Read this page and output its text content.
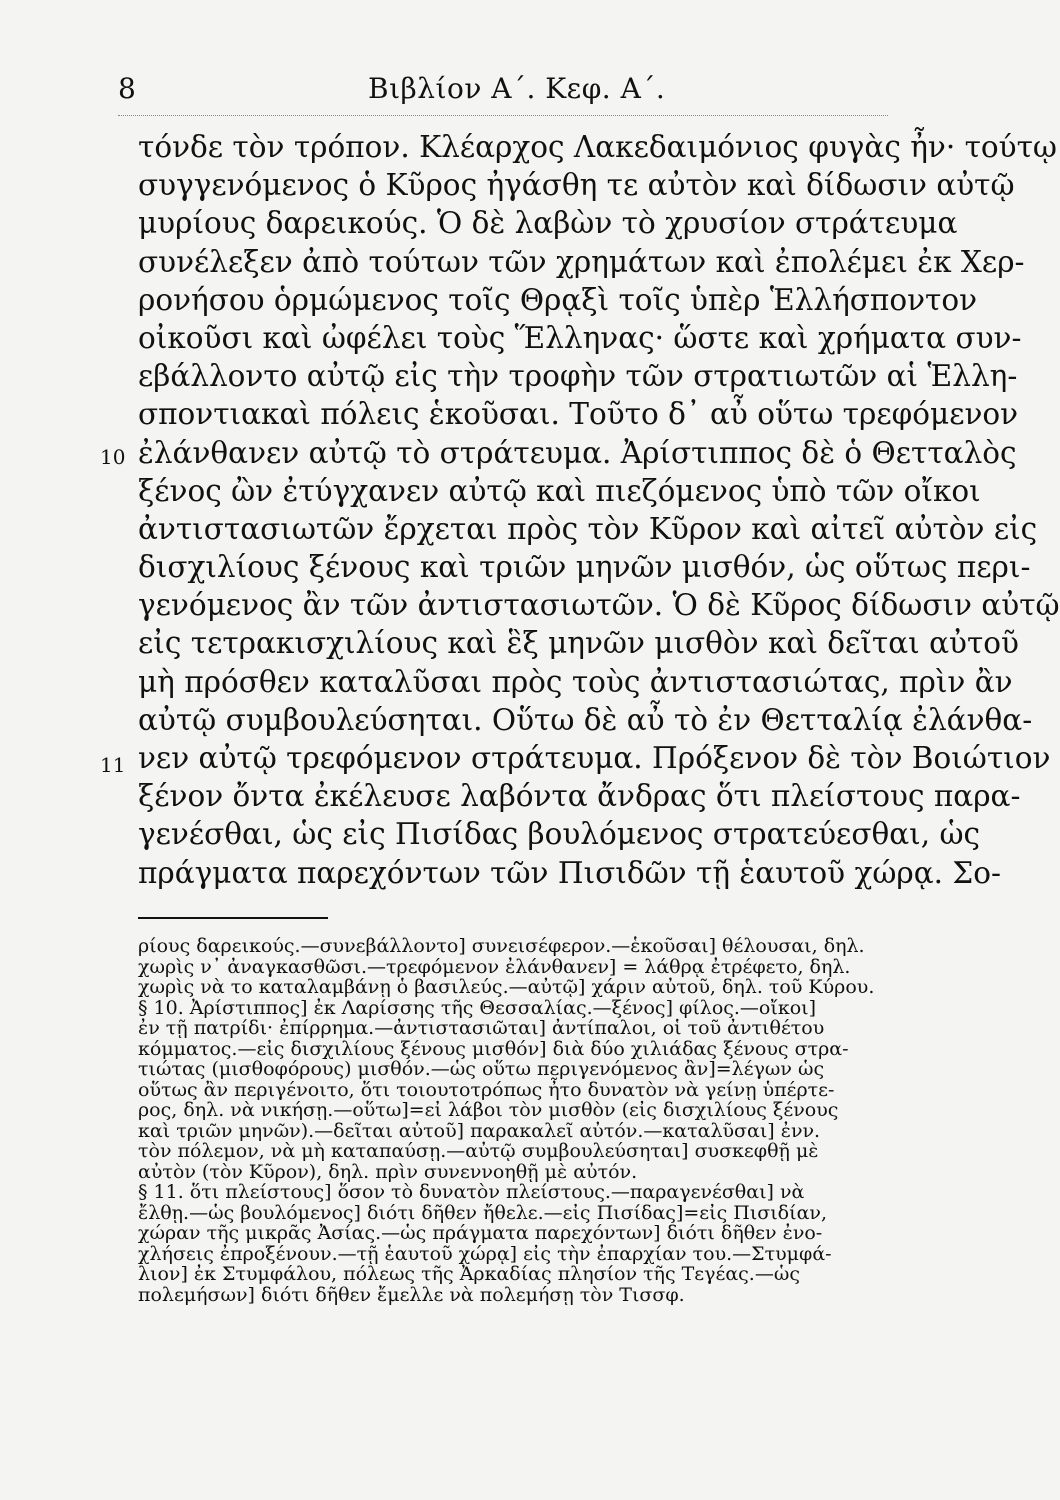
8	Βιβλίον Α΄. Κεφ. Α΄.
10
11
τόνδε τὸν τρόπον. Κλέαρχος Λακεδαιμόνιος φυγὰς ἦν· τούτῳ
συγγενόμενος ὁ Κῦρος ἠγάσθη τε αὐτὸν καὶ δίδωσιν αὐτῷ
μυρίους δαρεικούς. Ὁ δὲ λαβὼν τὸ χρυσίον στράτευμα
συνέλεξεν ἀπὸ τούτων τῶν χρημάτων καὶ ἐπολέμει ἐκ Χερ-
ρονήσου ὁρμώμενος τοῖς Θρᾳξὶ τοῖς ὑπὲρ Ἑλλήσποντον
οἰκοῦσι καὶ ὠφέλει τοὺς Ἕλληνας· ὥστε καὶ χρήματα συν-
εβάλλοντο αὐτῷ εἰς τὴν τροφὴν τῶν στρατιωτῶν αἱ Ἑλλη-
σποντιακαὶ πόλεις ἑκοῦσαι. Τοῦτο δ᾽ αὖ οὕτω τρεφόμενον
ἐλάνθανεν αὐτῷ τὸ στράτευμα. Ἀρίστιππος δὲ ὁ Θετταλὸς
ξένος ὢν ἐτύγχανεν αὐτῷ καὶ πιεζόμενος ὑπὸ τῶν οἴκοι
ἀντιστασιωτῶν ἔρχεται πρὸς τὸν Κῦρον καὶ αἰτεῖ αὐτὸν εἰς
δισχιλίους ξένους καὶ τριῶν μηνῶν μισθόν, ὡς οὕτως περι-
γενόμενος ἂν τῶν ἀντιστασιωτῶν. Ὁ δὲ Κῦρος δίδωσιν αὐτῷ
εἰς τετρακισχιλίους καὶ ἓξ μηνῶν μισθὸν καὶ δεῖται αὐτοῦ
μὴ πρόσθεν καταλῦσαι πρὸς τοὺς ἀντιστασιώτας, πρὶν ἂν
αὐτῷ συμβουλεύσηται. Οὕτω δὲ αὖ τὸ ἐν Θετταλίᾳ ἐλάνθα-
νεν αὐτῷ τρεφόμενον στράτευμα. Πρόξενον δὲ τὸν Βοιώτιον
ξένον ὄντα ἐκέλευσε λαβόντα ἄνδρας ὅτι πλείστους παρα-
γενέσθαι, ὡς εἰς Πισίδας βουλόμενος στρατεύεσθαι, ὡς
πράγματα παρεχόντων τῶν Πισιδῶν τῇ ἑαυτοῦ χώρᾳ. Σο-
ρίους δαρεικούς.—συνεβάλλοντο] συνεισέφερον.—ἑκοῦσαι] θέλουσαι, δηλ.
χωρὶς ν᾽ ἀναγκασθῶσι.—τρεφόμενον ἐλάνθανεν] = λάθρᾳ ἐτρέφετο, δηλ.
χωρὶς νὰ το καταλαμβάνῃ ὁ βασιλεύς.—αὐτῷ] χάριν αὐτοῦ, δηλ. τοῦ Κύρου.
§ 10. Ἀρίστιππος] ἐκ Λαρίσσης τῆς Θεσσαλίας.—ξένος] φίλος.—οἴκοι]
ἐν τῇ πατρίδι· ἐπίρρημα.—ἀντιστασιῶται] ἀντίπαλοι, οἱ τοῦ ἀντιθέτου
κόμματος.—εἰς δισχιλίους ξένους μισθόν] διὰ δύο χιλιάδας ξένους στρα-
τιώτας (μισθοφόρους) μισθόν.—ὡς οὕτω περιγενόμενος ἂν]=λέγων ὡς
οὕτως ἂν περιγένοιτο, ὅτι τοιουτοτρόπως ἦτο δυνατὸν νὰ γείνῃ ὑπέρτε-
ρος, δηλ. νὰ νικήσῃ.—οὕτω]=εἰ λάβοι τὸν μισθὸν (εἰς δισχιλίους ξένους
καὶ τριῶν μηνῶν).—δεῖται αὐτοῦ] παρακαλεῖ αὐτόν.—καταλῦσαι] ἐνν.
τὸν πόλεμον, νὰ μὴ καταπαύσῃ.—αὐτῷ συμβουλεύσηται] συσκεφθῇ μὲ
αὐτὸν (τὸν Κῦρον), δηλ. πρὶν συνεννοηθῇ μὲ αὐτόν.
§ 11. ὅτι πλείστους] ὅσον τὸ δυνατὸν πλείστους.—παραγενέσθαι] νὰ
ἔλθῃ.—ὡς βουλόμενος] διότι δῆθεν ἤθελε.—εἰς Πισίδας]=εἰς Πισιδίαν,
χώραν τῆς μικρᾶς Ἀσίας.—ὡς πράγματα παρεχόντων] διότι δῆθεν ἐνο-
χλήσεις ἐπροξένουν.—τῇ ἑαυτοῦ χώρᾳ] εἰς τὴν ἐπαρχίαν του.—Στυμφά-
λιον] ἐκ Στυμφάλου, πόλεως τῆς Ἀρκαδίας πλησίον τῆς Τεγέας.—ὡς
πολεμήσων] διότι δῆθεν ἔμελλε νὰ πολεμήσῃ τὸν Τισσφ.
